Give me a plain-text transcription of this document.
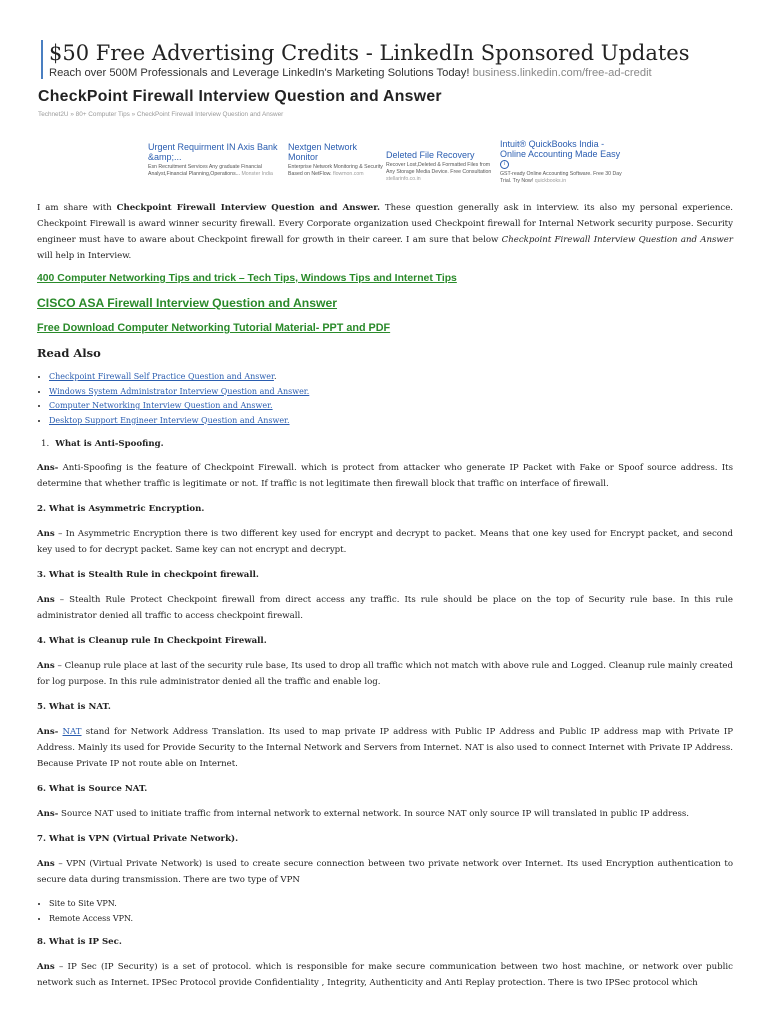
$50 Free Advertising Credits - LinkedIn Sponsored Updates
Reach over 500M Professionals and Leverage LinkedIn's Marketing Solutions Today! business.linkedin.com/free-ad-credit
CheckPoint Firewall Interview Question and Answer
Technet2U » 80+ Computer Tips » CheckPoint Firewall Interview Question and Answer
Urgent Requirment IN Axis Bank &amp;...
Esn Recruitment Services Any graduate Financial Analyst,Financial Planning,Operations... Monster India
Nextgen Network Monitor
Enterprise Network Monitoring & Security Based on NetFlow. flowmon.com
Deleted File Recovery
Recover Lost,Deleted & Formatted Files from Any Storage Media Device. Free Consultation stellarinfo.co.in
Intuit® QuickBooks India - Online Accounting Made Easy i
GST-ready Online Accounting Software. Free 30 Day Trial. Try Now! quickbooks.in

I am share with Checkpoint Firewall Interview Question and Answer. These question generally ask in interview. its also my personal experience. Checkpoint Firewall is award winner security firewall. Every Corporate organization used Checkpoint firewall for Internal Network security purpose. Security engineer must have to aware about Checkpoint firewall for growth in their career. I am sure that below Checkpoint Firewall Interview Question and Answer will help in Interview.

400 Computer Networking Tips and trick – Tech Tips, Windows Tips and Internet Tips
CISCO ASA Firewall Interview Question and Answer
Free Download Computer Networking Tutorial Material- PPT and PDF
Read Also
• Checkpoint Firewall Self Practice Question and Answer.
• Windows System Administrator Interview Question and Answer.
• Computer Networking Interview Question and Answer.
• Desktop Support Engineer Interview Question and Answer.
1. What is Anti-Spoofing.

Ans- Anti-Spoofing is the feature of Checkpoint Firewall. which is protect from attacker who generate IP Packet with Fake or Spoof source address. Its determine that whether traffic is legitimate or not. If traffic is not legitimate then firewall block that traffic on interface of firewall.

2. What is Asymmetric Encryption.

Ans – In Asymmetric Encryption there is two different key used for encrypt and decrypt to packet. Means that one key used for Encrypt packet, and second key used to for decrypt packet. Same key can not encrypt and decrypt.

3. What is Stealth Rule in checkpoint firewall.

Ans – Stealth Rule Protect Checkpoint firewall from direct access any traffic. Its rule should be place on the top of Security rule base. In this rule administrator denied all traffic to access checkpoint firewall.

4. What is Cleanup rule In Checkpoint Firewall.

Ans – Cleanup rule place at last of the security rule base, Its used to drop all traffic which not match with above rule and Logged. Cleanup rule mainly created for log purpose. In this rule administrator denied all the traffic and enable log.

5. What is NAT.

Ans- NAT stand for Network Address Translation. Its used to map private IP address with Public IP Address and Public IP address map with Private IP Address. Mainly its used for Provide Security to the Internal Network and Servers from Internet. NAT is also used to connect Internet with Private IP Address. Because Private IP not route able on Internet.

6. What is Source NAT.

Ans- Source NAT used to initiate traffic from internal network to external network. In source NAT only source IP will translated in public IP address.

7. What is VPN (Virtual Private Network).

Ans – VPN (Virtual Private Network) is used to create secure connection between two private network over Internet. Its used Encryption authentication to secure data during transmission. There are two type of VPN

• Site to Site VPN.
• Remote Access VPN.
8. What is IP Sec.

Ans – IP Sec (IP Security) is a set of protocol. which is responsible for make secure communication between two host machine, or network over public network such as Internet. IPSec Protocol provide Confidentiality , Integrity, Authenticity and Anti Replay protection. There is two IPSec protocol which
